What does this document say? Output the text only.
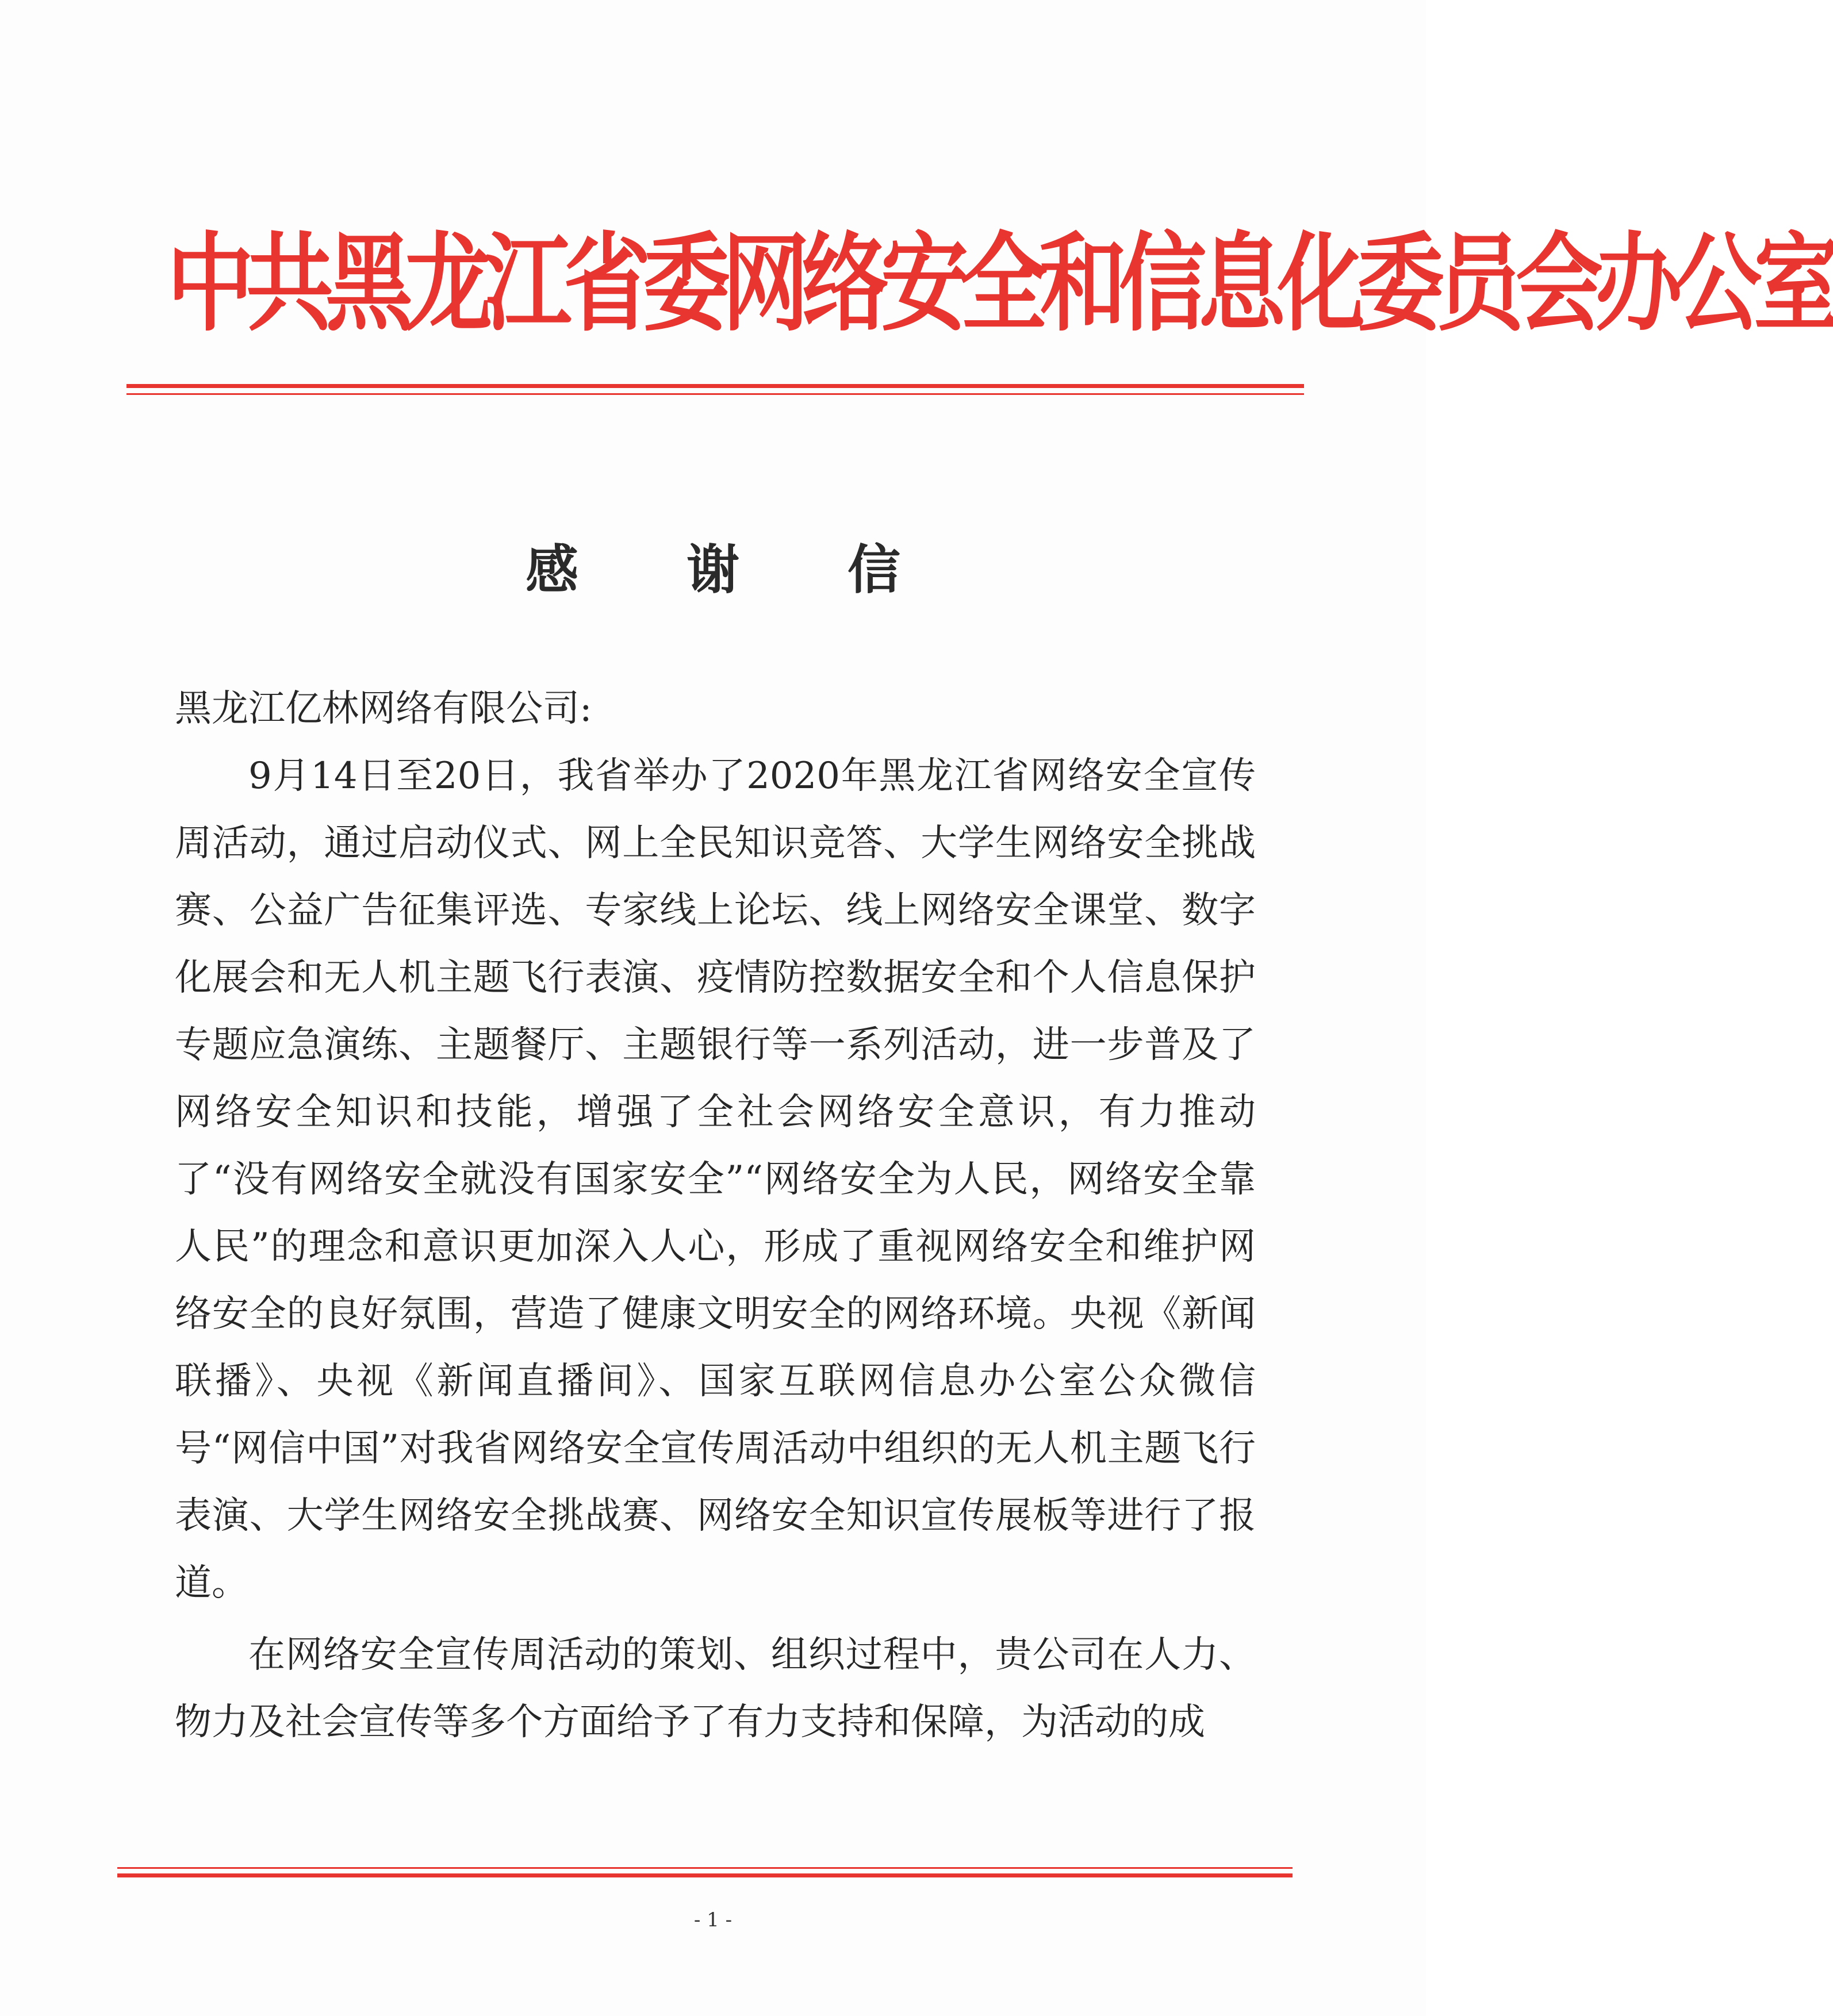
中共黑龙江省委网络安全和信息化委员会办公室
感 谢 信

黑龙江亿林网络有限公司:

9月14日至20日，我省举办了2020年黑龙江省网络安全宣传周活动，通过启动仪式、网上全民知识竞答、大学生网络安全挑战赛、公益广告征集评选、专家线上论坛、线上网络安全课堂、数字化展会和无人机主题飞行表演、疫情防控数据安全和个人信息保护专题应急演练、主题餐厅、主题银行等一系列活动，进一步普及了网络安全知识和技能，增强了全社会网络安全意识，有力推动了“没有网络安全就没有国家安全”“网络安全为人民，网络安全靠人民”的理念和意识更加深入人心，形成了重视网络安全和维护网络安全的良好氛围，营造了健康文明安全的网络环境。央视《新闻联播》、央视《新闻直播间》、国家互联网信息办公室公众微信号“网信中国”对我省网络安全宣传周活动中组织的无人机主题飞行表演、大学生网络安全挑战赛、网络安全知识宣传展板等进行了报道。

在网络安全宣传周活动的策划、组织过程中，贵公司在人力、物力及社会宣传等多个方面给予了有力支持和保障，为活动的成

- 1 -
